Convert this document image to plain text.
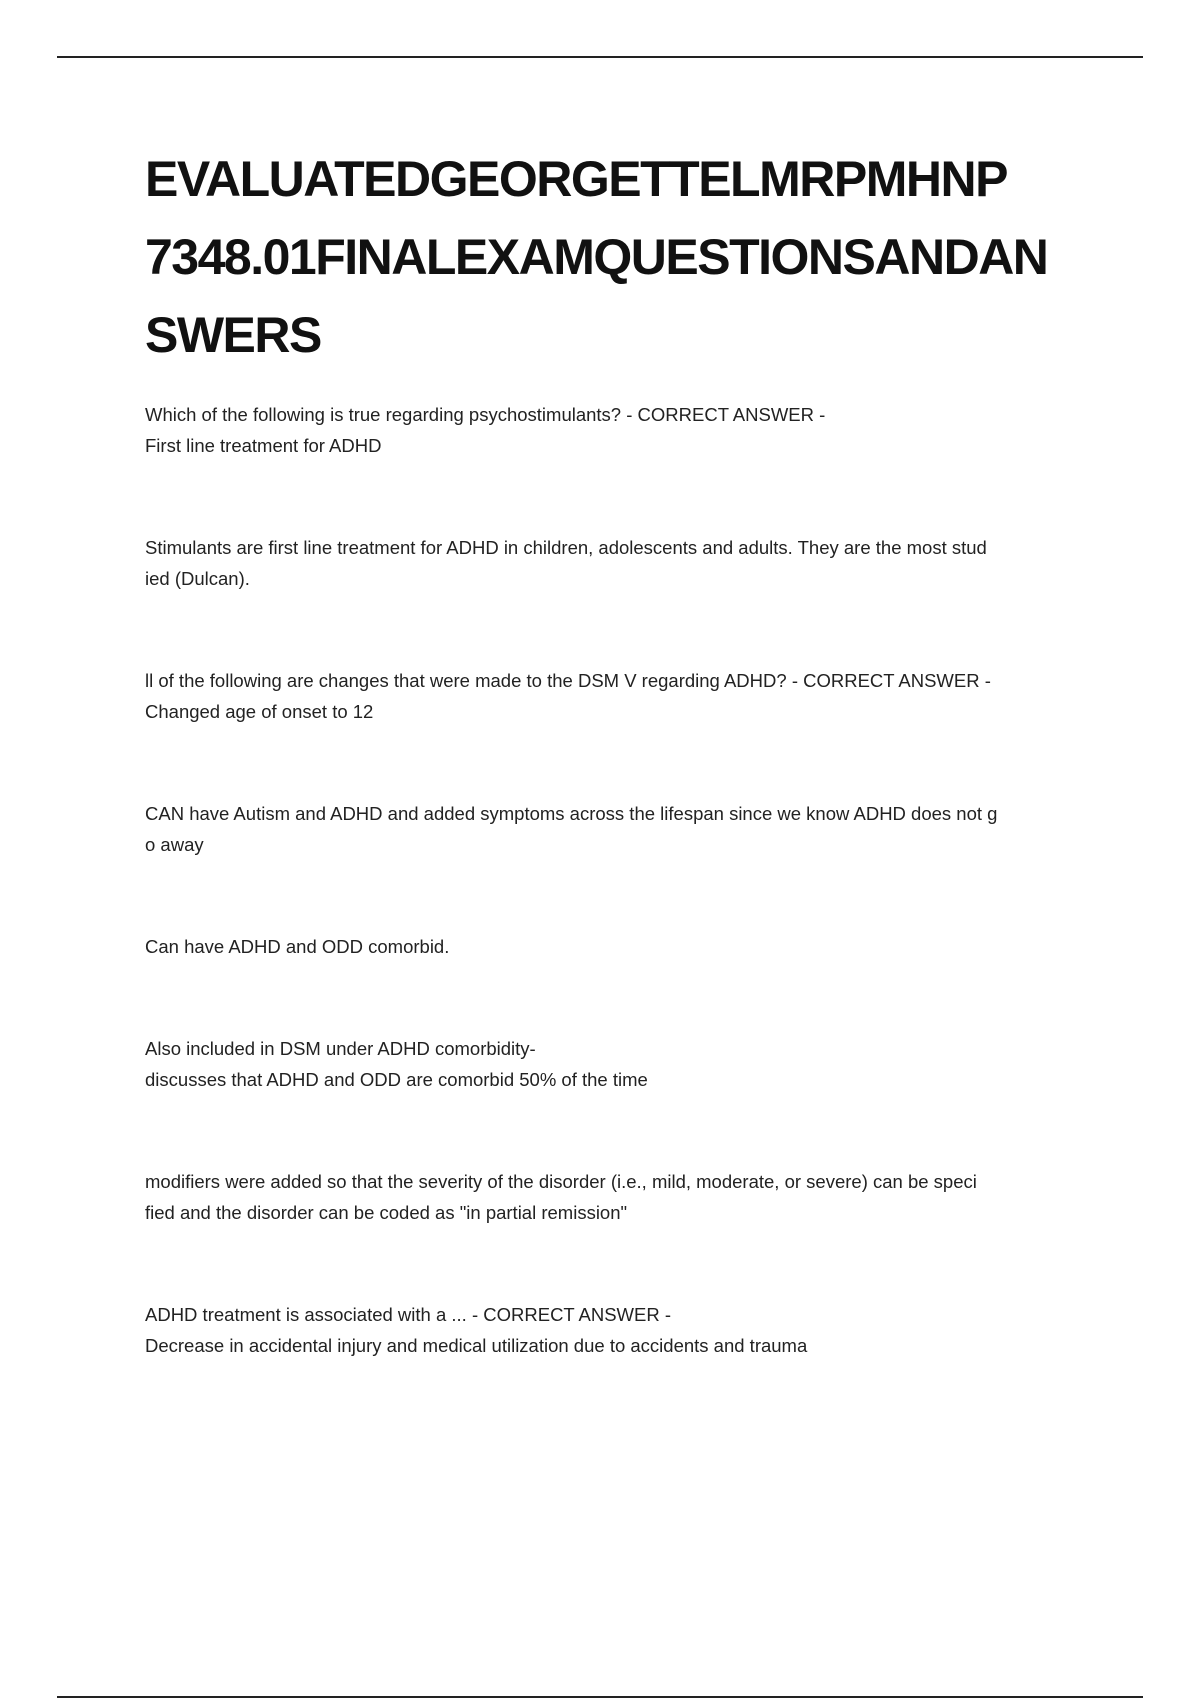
EVALUATEDGEORGETTELMRPMHNP
7348.01FINALEXAMQUESTIONSANDAN
SWERS
Which of the following is true regarding psychostimulants? - CORRECT ANSWER -
First line treatment for ADHD
Stimulants are first line treatment for ADHD in children, adolescents and adults. They are the most stud
ied (Dulcan).
ll of the following are changes that were made to the DSM V regarding ADHD? - CORRECT ANSWER -
Changed age of onset to 12
CAN have Autism and ADHD and added symptoms across the lifespan since we know ADHD does not g
o away
Can have ADHD and ODD comorbid.
Also included in DSM under ADHD comorbidity-
discusses that ADHD and ODD are comorbid 50% of the time
modifiers were added so that the severity of the disorder (i.e., mild, moderate, or severe) can be speci
fied and the disorder can be coded as "in partial remission"
ADHD treatment is associated with a ... - CORRECT ANSWER -
Decrease in accidental injury and medical utilization due to accidents and trauma
